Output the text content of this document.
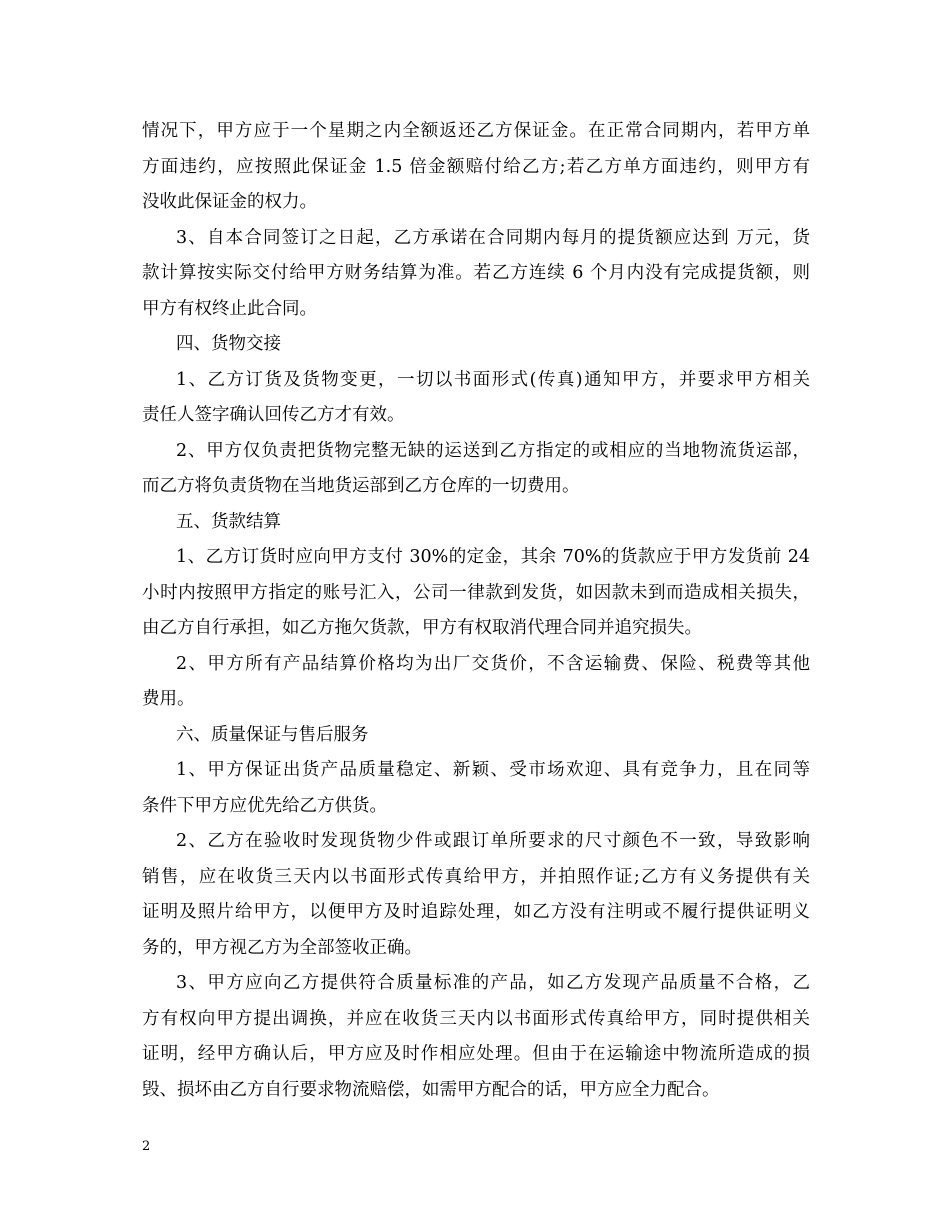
情况下，甲方应于一个星期之内全额返还乙方保证金。在正常合同期内，若甲方单
方面违约，应按照此保证金 1.5 倍金额赔付给乙方;若乙方单方面违约，则甲方有
没收此保证金的权力。
3、自本合同签订之日起，乙方承诺在合同期内每月的提货额应达到 万元，货
款计算按实际交付给甲方财务结算为准。若乙方连续 6 个月内没有完成提货额，则
甲方有权终止此合同。
四、货物交接
1、乙方订货及货物变更，一切以书面形式(传真)通知甲方，并要求甲方相关
责任人签字确认回传乙方才有效。
2、甲方仅负责把货物完整无缺的运送到乙方指定的或相应的当地物流货运部，
而乙方将负责货物在当地货运部到乙方仓库的一切费用。
五、货款结算
1、乙方订货时应向甲方支付 30%的定金，其余 70%的货款应于甲方发货前 24
小时内按照甲方指定的账号汇入，公司一律款到发货，如因款未到而造成相关损失，
由乙方自行承担，如乙方拖欠货款，甲方有权取消代理合同并追究损失。
2、甲方所有产品结算价格均为出厂交货价，不含运输费、保险、税费等其他
费用。
六、质量保证与售后服务
1、甲方保证出货产品质量稳定、新颖、受市场欢迎、具有竞争力，且在同等
条件下甲方应优先给乙方供货。
2、乙方在验收时发现货物少件或跟订单所要求的尺寸颜色不一致，导致影响
销售，应在收货三天内以书面形式传真给甲方，并拍照作证;乙方有义务提供有关
证明及照片给甲方，以便甲方及时追踪处理，如乙方没有注明或不履行提供证明义
务的，甲方视乙方为全部签收正确。
3、甲方应向乙方提供符合质量标准的产品，如乙方发现产品质量不合格，乙
方有权向甲方提出调换，并应在收货三天内以书面形式传真给甲方，同时提供相关
证明，经甲方确认后，甲方应及时作相应处理。但由于在运输途中物流所造成的损
毁、损坏由乙方自行要求物流赔偿，如需甲方配合的话，甲方应全力配合。
2
